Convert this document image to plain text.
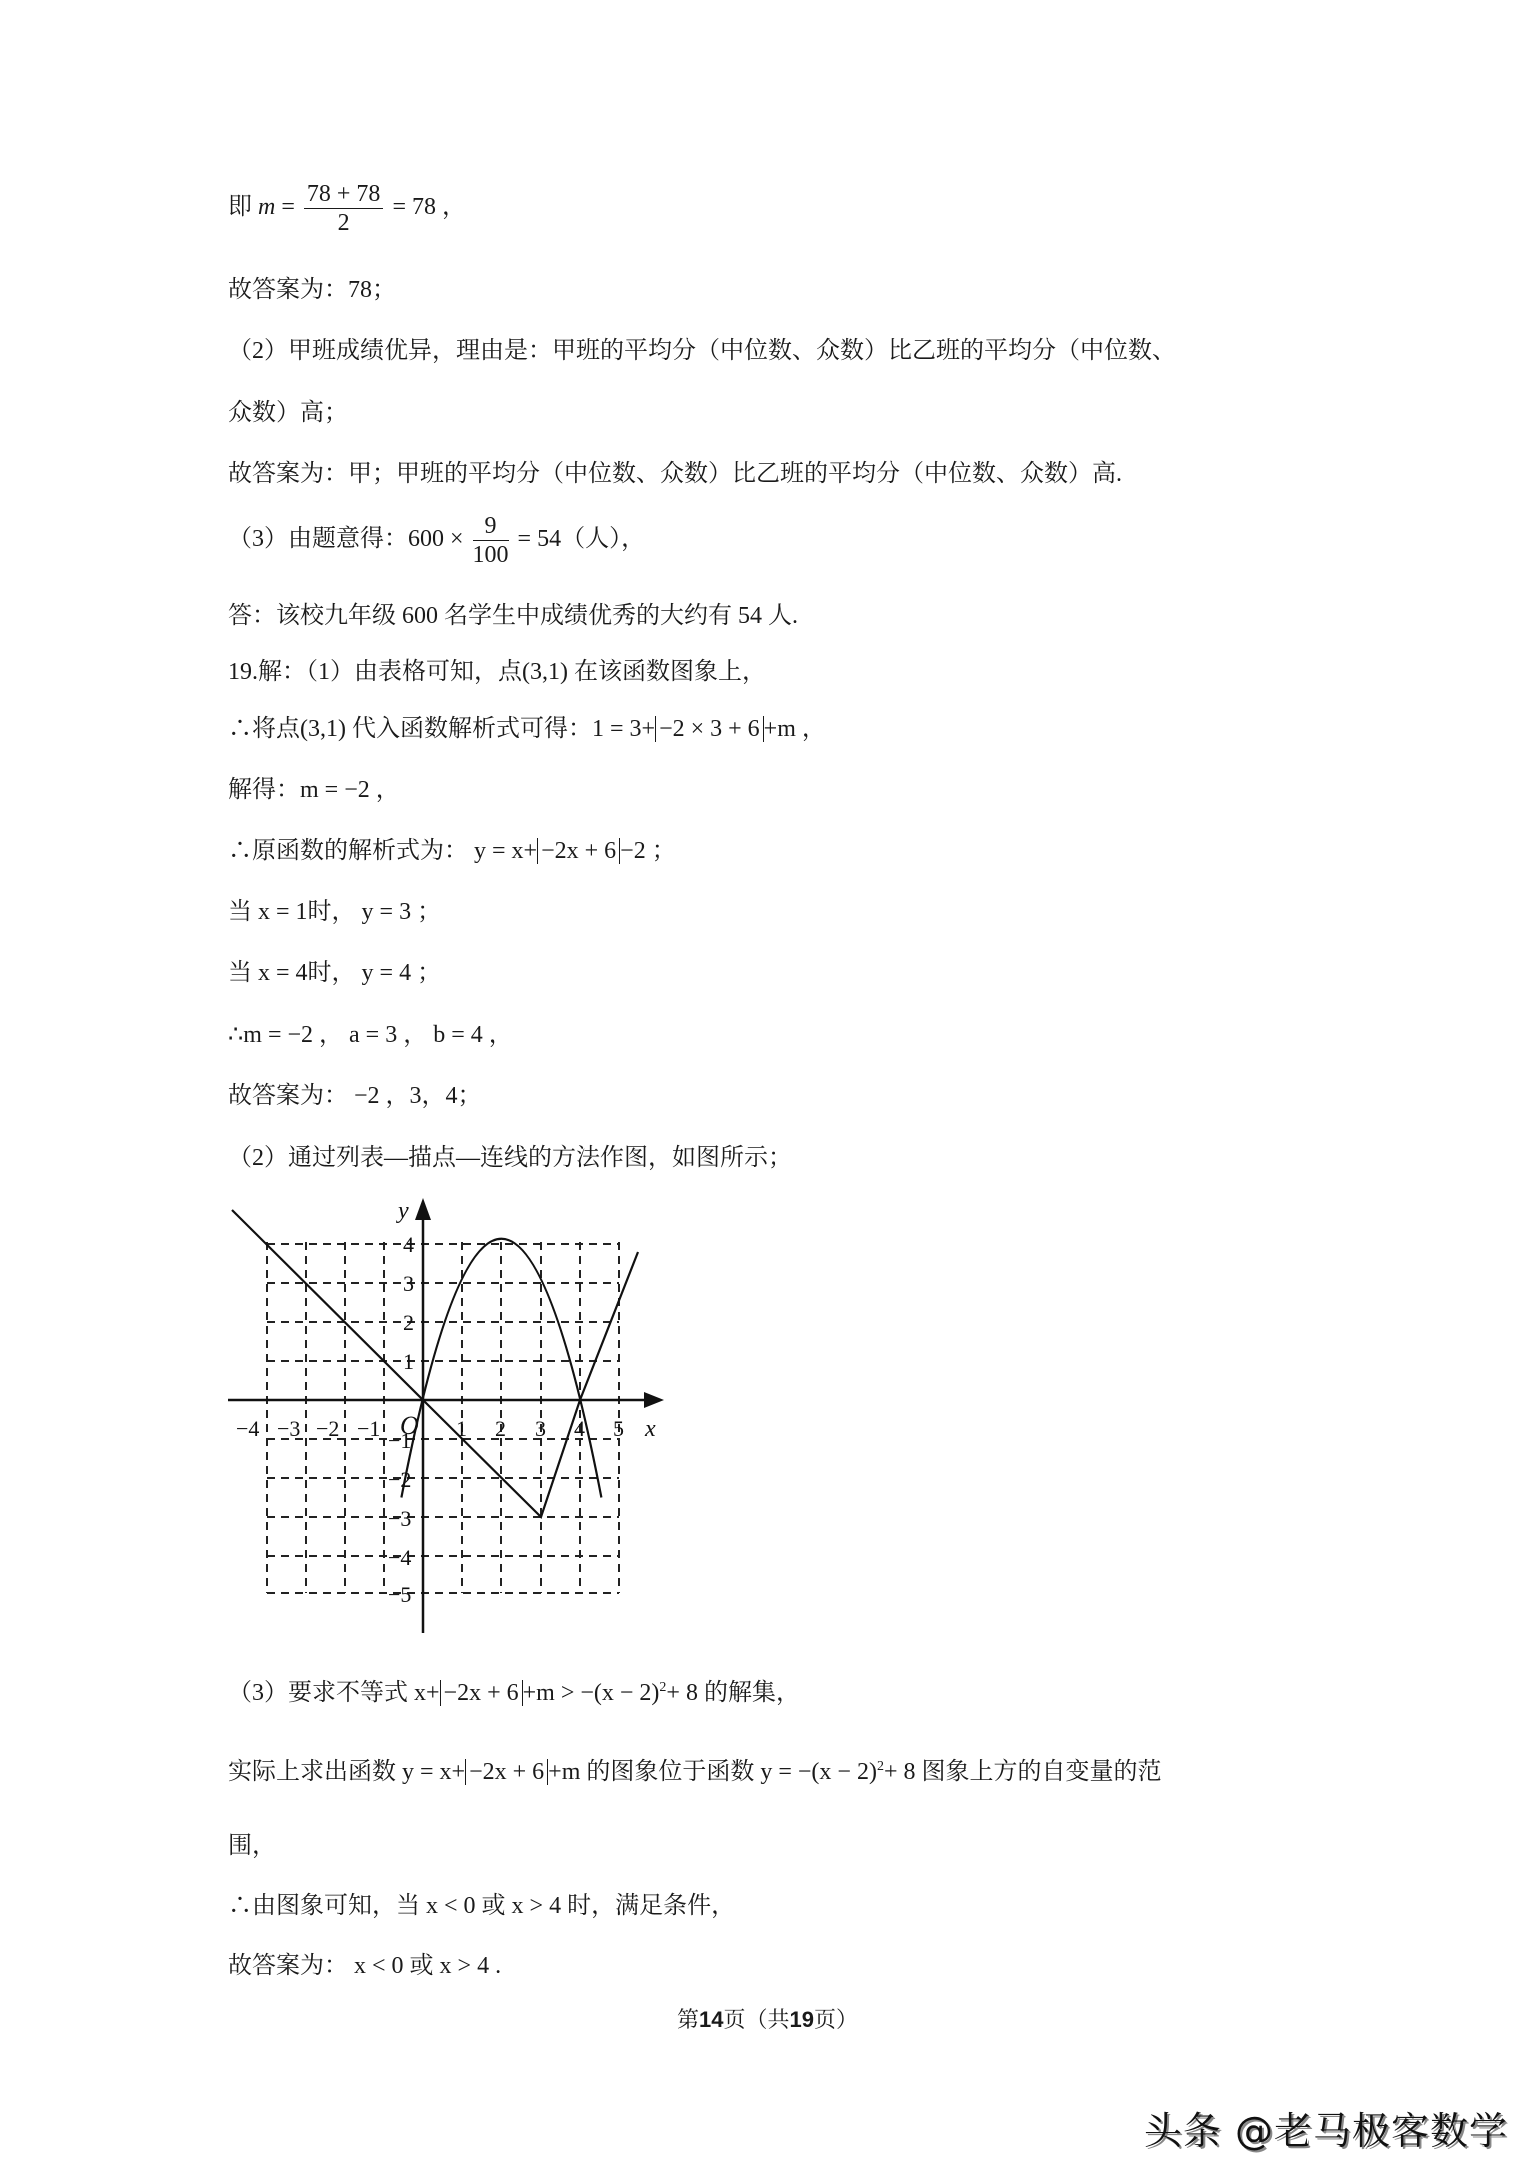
即 $m = \frac{78 + 78}{2} = 78$ ，
故答案为：78；
（2）甲班成绩优异，理由是：甲班的平均分（中位数、众数）比乙班的平均分（中位数、
众数）高；
故答案为：甲；甲班的平均分（中位数、众数）比乙班的平均分（中位数、众数）高.
（3）由题意得：$600 \times \frac{9}{100} = 54$（人），
答：该校九年级 600 名学生中成绩优秀的大约有 54 人.
19.解：（1）由表格可知，点(3,1) 在该函数图象上，
∴将点(3,1) 代入函数解析式可得：1 = 3+ −2 × 3 + 6 +m ，
解得：m = −2 ，
∴原函数的解析式为： y = x+ −2x + 6 −2 ；
当 x = 1时， y = 3 ；
当 x = 4时， y = 4 ；
∴m = −2 ， a = 3 ， b = 4 ，
故答案为： −2 ，3，4；
（2）通过列表—描点—连线的方法作图，如图所示；
−4 −3 −2 −1 O 1 2 3 4 5 x
y
4
3
2
1
−1
−2
−3
−4
−5
（3）要求不等式 $x+ -2x + 6 +m > -(x - 2)^2+ 8$ 的解集，
实际上求出函数 y = x+ −2x + 6 +m 的图象位于函数 $y = -(x - 2)^2+ 8$ 图象上方的自变量的范
围，
∴由图象可知，当 x < 0 或 x > 4 时，满足条件，
故答案为： x < 0 或 x > 4 .
第14页（共19页）
头条 @老马极客数学
